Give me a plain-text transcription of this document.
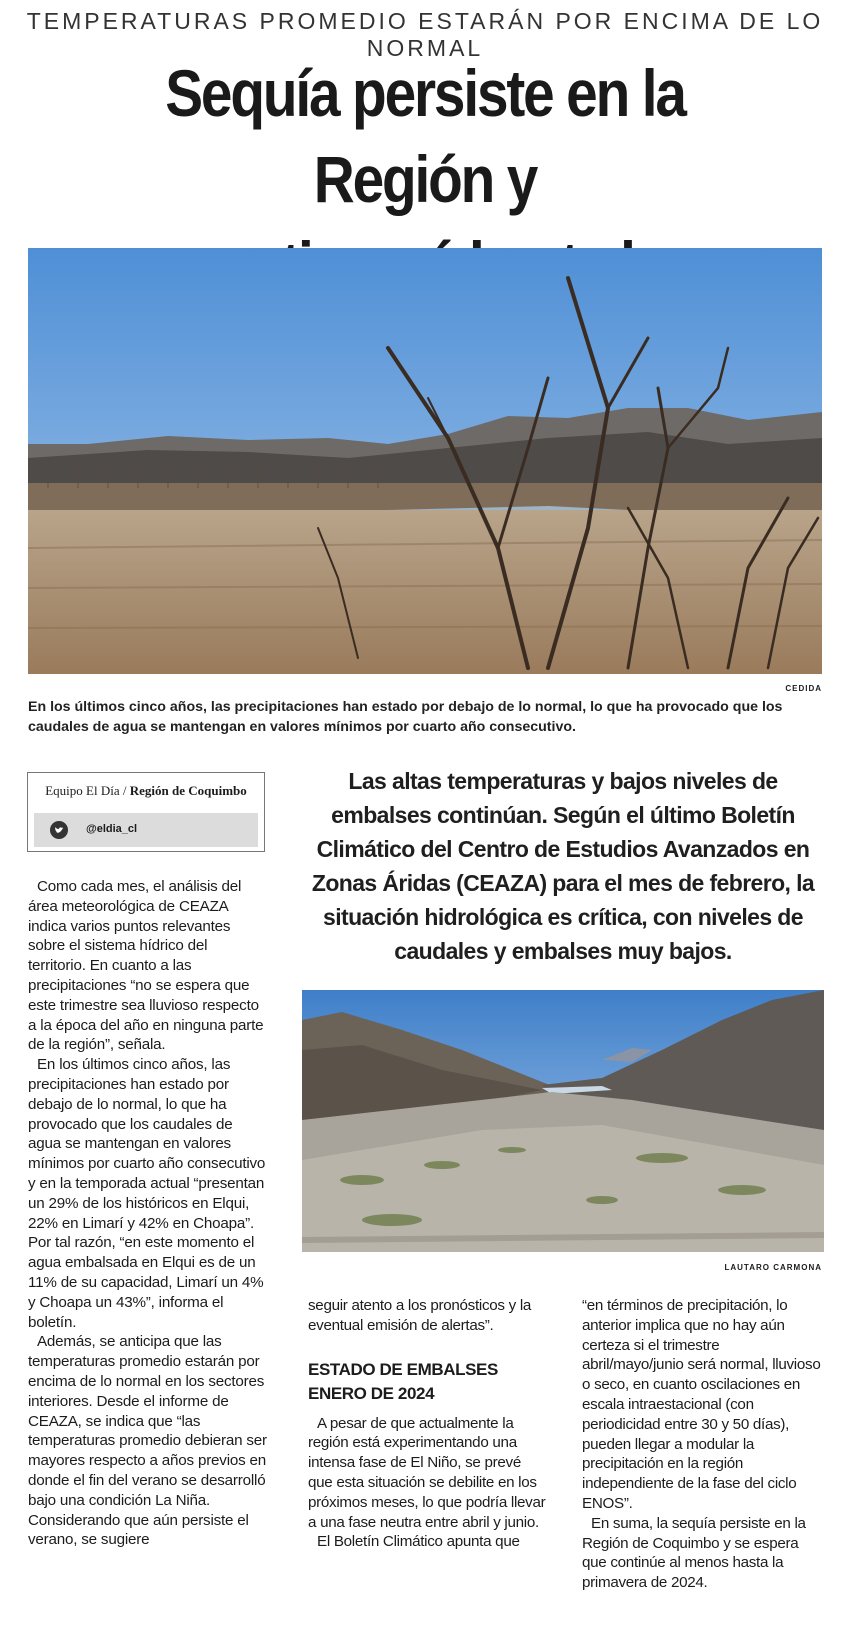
TEMPERATURAS PROMEDIO ESTARÁN POR ENCIMA DE LO NORMAL
Sequía persiste en la Región y
CEDIDA
En los últimos cinco años, las precipitaciones han estado por debajo de lo normal, lo que ha provocado que los caudales de agua se mantengan en valores mínimos por cuarto año consecutivo.
Equipo El Día / Región de Coquimbo
@eldia_cl

Como cada mes, el análisis del área meteorológica de CEAZA indica varios puntos relevantes sobre el sistema hídrico del territorio. En cuanto a las precipitaciones “no se espera que este trimestre sea lluvioso respecto a la época del año en ninguna parte de la región”, señala.

En los últimos cinco años, las precipitaciones han estado por debajo de lo normal, lo que ha provocado que los caudales de agua se mantengan en valores mínimos por cuarto año consecutivo y en la temporada actual “presentan un 29% de los históricos en Elqui, 22% en Limarí y 42% en Choapa”. Por tal razón, “en este momento el agua embalsada en Elqui es de un 11% de su capacidad, Limarí un 4% y Choapa un 43%”, informa el boletín.

Además, se anticipa que las temperaturas promedio estarán por encima de lo normal en los sectores interiores. Desde el informe de CEAZA, se indica que “las temperaturas promedio debieran ser mayores respecto a años previos en donde el fin del verano se desarrolló bajo una condición La Niña. Considerando que aún persiste el verano, se sugiere

Las altas temperaturas y bajos niveles de embalses continúan. Según el último Boletín Climático del Centro de Estudios Avanzados en Zonas Áridas (CEAZA) para el mes de febrero, la situación hidrológica es crítica, con niveles de caudales y embalses muy bajos.
LAUTARO CARMONA

seguir atento a los pronósticos y la eventual emisión de alertas”.

ESTADO DE EMBALSES
ENERO DE 2024

A pesar de que actualmente la región está experimentando una intensa fase de El Niño, se prevé que esta situación se debilite en los próximos meses, lo que podría llevar a una fase neutra entre abril y junio.

El Boletín Climático apunta que

“en términos de precipitación, lo anterior implica que no hay aún certeza si el trimestre abril/mayo/junio será normal, lluvioso o seco, en cuanto oscilaciones en escala intraestacional (con periodicidad entre 30 y 50 días), pueden llegar a modular la precipitación en la región independiente de la fase del ciclo ENOS”.

En suma, la sequía persiste en la Región de Coquimbo y se espera que continúe al menos hasta la primavera de 2024.
